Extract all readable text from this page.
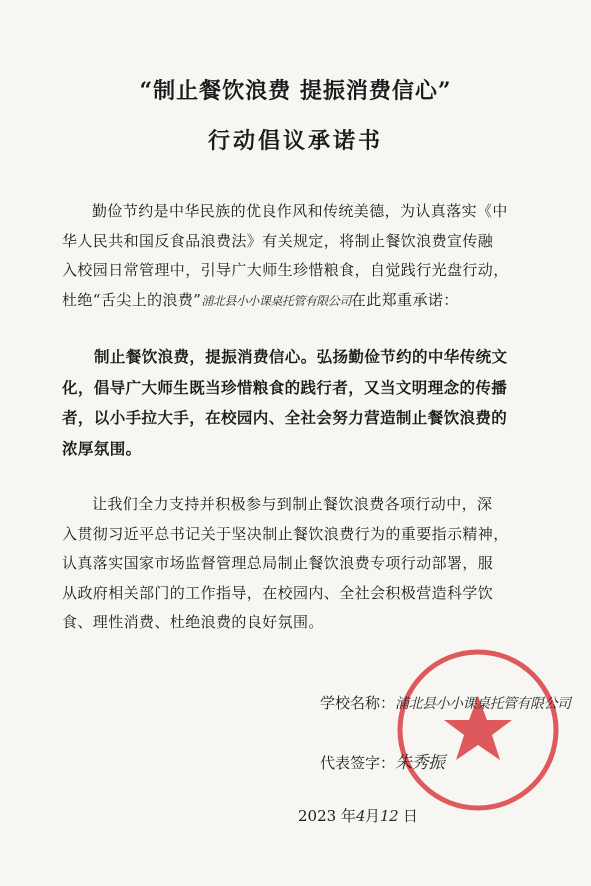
“制止餐饮浪费 提振消费信心”
行动倡议承诺书
勤俭节约是中华民族的优良作风和传统美德，为认真落实《中
华人民共和国反食品浪费法》有关规定，将制止餐饮浪费宣传融
入校园日常管理中，引导广大师生珍惜粮食，自觉践行光盘行动，
杜绝“舌尖上的浪费”浦北县小小课桌托管有限公司在此郑重承诺：
制止餐饮浪费，提振消费信心。弘扬勤俭节约的中华传统文
化，倡导广大师生既当珍惜粮食的践行者，又当文明理念的传播
者，以小手拉大手，在校园内、全社会努力营造制止餐饮浪费的
浓厚氛围。
让我们全力支持并积极参与到制止餐饮浪费各项行动中，深
入贯彻习近平总书记关于坚决制止餐饮浪费行为的重要指示精神，
认真落实国家市场监督管理总局制止餐饮浪费专项行动部署，服
从政府相关部门的工作指导，在校园内、全社会积极营造科学饮
食、理性消费、杜绝浪费的良好氛围。
学校名称：浦北县小小课桌托管有限公司
代表签字：朱秀振
2023 年4月12 日
